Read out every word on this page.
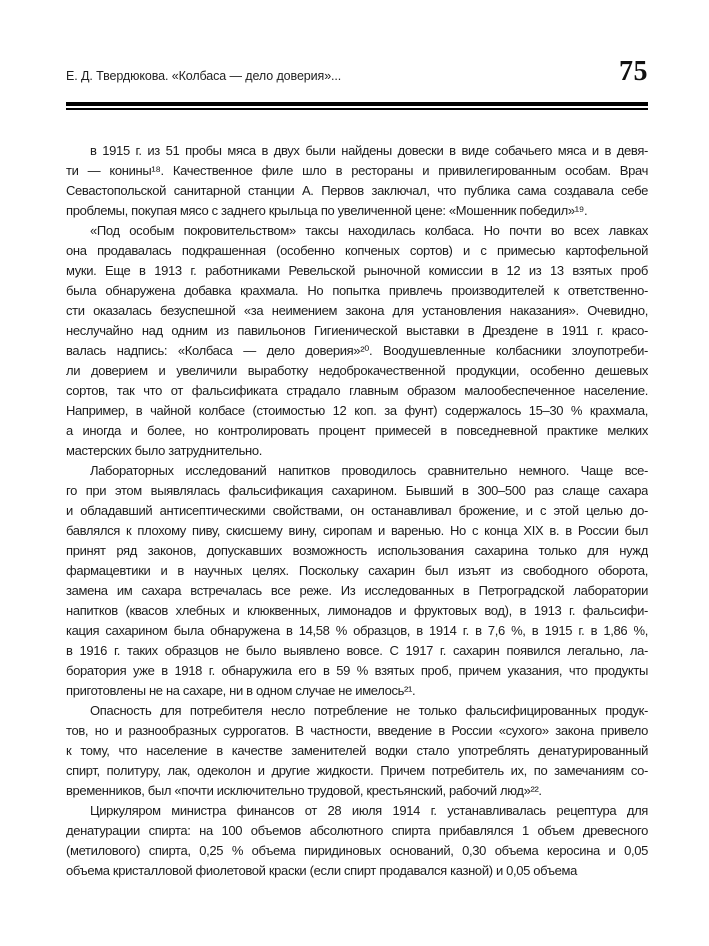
Е. Д. Твердюкова. «Колбаса — дело доверия»...	75
в 1915 г. из 51 пробы мяса в двух были найдены довески в виде собачьего мяса и в девя-
ти — конины¹⁸. Качественное филе шло в рестораны и привилегированным особам. Врач
Севастопольской санитарной станции А. Первов заключал, что публика сама создавала себе
проблемы, покупая мясо с заднего крыльца по увеличенной цене: «Мошенник победил»¹⁹.
«Под особым покровительством» таксы находилась колбаса. Но почти во всех лавках
она продавалась подкрашенная (особенно копченых сортов) и с примесью картофельной
муки. Еще в 1913 г. работниками Ревельской рыночной комиссии в 12 из 13 взятых проб
была обнаружена добавка крахмала. Но попытка привлечь производителей к ответственно-
сти оказалась безуспешной «за неимением закона для установления наказания». Очевидно,
неслучайно над одним из павильонов Гигиенической выставки в Дрездене в 1911 г. красо-
валась надпись: «Колбаса — дело доверия»²⁰. Воодушевленные колбасники злоупотреби-
ли доверием и увеличили выработку недоброкачественной продукции, особенно дешевых
сортов, так что от фальсификата страдало главным образом малообеспеченное население.
Например, в чайной колбасе (стоимостью 12 коп. за фунт) содержалось 15–30 % крахмала,
а иногда и более, но контролировать процент примесей в повседневной практике мелких
мастерских было затруднительно.
Лабораторных исследований напитков проводилось сравнительно немного. Чаще все-
го при этом выявлялась фальсификация сахарином. Бывший в 300–500 раз слаще сахара
и обладавший антисептическими свойствами, он останавливал брожение, и с этой целью до-
бавлялся к плохому пиву, скисшему вину, сиропам и варенью. Но с конца XIX в. в России был
принят ряд законов, допускавших возможность использования сахарина только для нужд
фармацевтики и в научных целях. Поскольку сахарин был изъят из свободного оборота,
замена им сахара встречалась все реже. Из исследованных в Петроградской лаборатории
напитков (квасов хлебных и клюквенных, лимонадов и фруктовых вод), в 1913 г. фальсифи-
кация сахарином была обнаружена в 14,58 % образцов, в 1914 г. в 7,6 %, в 1915 г. в 1,86 %,
в 1916 г. таких образцов не было выявлено вовсе. С 1917 г. сахарин появился легально, ла-
боратория уже в 1918 г. обнаружила его в 59 % взятых проб, причем указания, что продукты
приготовлены не на сахаре, ни в одном случае не имелось²¹.
Опасность для потребителя несло потребление не только фальсифицированных продук-
тов, но и разнообразных суррогатов. В частности, введение в России «сухого» закона привело
к тому, что население в качестве заменителей водки стало употреблять денатурированный
спирт, политуру, лак, одеколон и другие жидкости. Причем потребитель их, по замечаниям со-
временников, был «почти исключительно трудовой, крестьянский, рабочий люд»²².
Циркуляром министра финансов от 28 июля 1914 г. устанавливалась рецептура для
денатурации спирта: на 100 объемов абсолютного спирта прибавлялся 1 объем древесного
(метилового) спирта, 0,25 % объема пиридиновых оснований, 0,30 объема керосина и 0,05
объема кристалловой фиолетовой краски (если спирт продавался казной) и 0,05 объема
